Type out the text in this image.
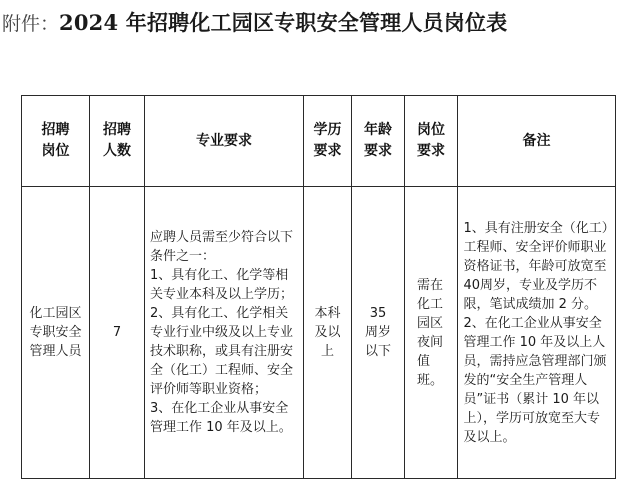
附件：2024 年招聘化工园区专职安全管理人员岗位表
招聘岗位	招聘人数	专业要求	学历要求	年龄要求	岗位要求	备注
化工园区专职安全管理人员	7	应聘人员需至少符合以下条件之一：
1、具有化工、化学等相关专业本科及以上学历；
2、具有化工、化学相关专业行业中级及以上专业技术职称，或具有注册安全（化工）工程师、安全评价师等职业资格；
3、在化工企业从事安全管理工作 10 年及以上。	本科及以上	35 周岁以下	需在化工园区夜间值班。	1、具有注册安全（化工）工程师、安全评价师职业资格证书，年龄可放宽至 40周岁，专业及学历不限，笔试成绩加 2 分。
2、在化工企业从事安全管理工作 10 年及以上人员，需持应急管理部门颁发的“安全生产管理人员”证书（累计 10 年以上），学历可放宽至大专及以上。
